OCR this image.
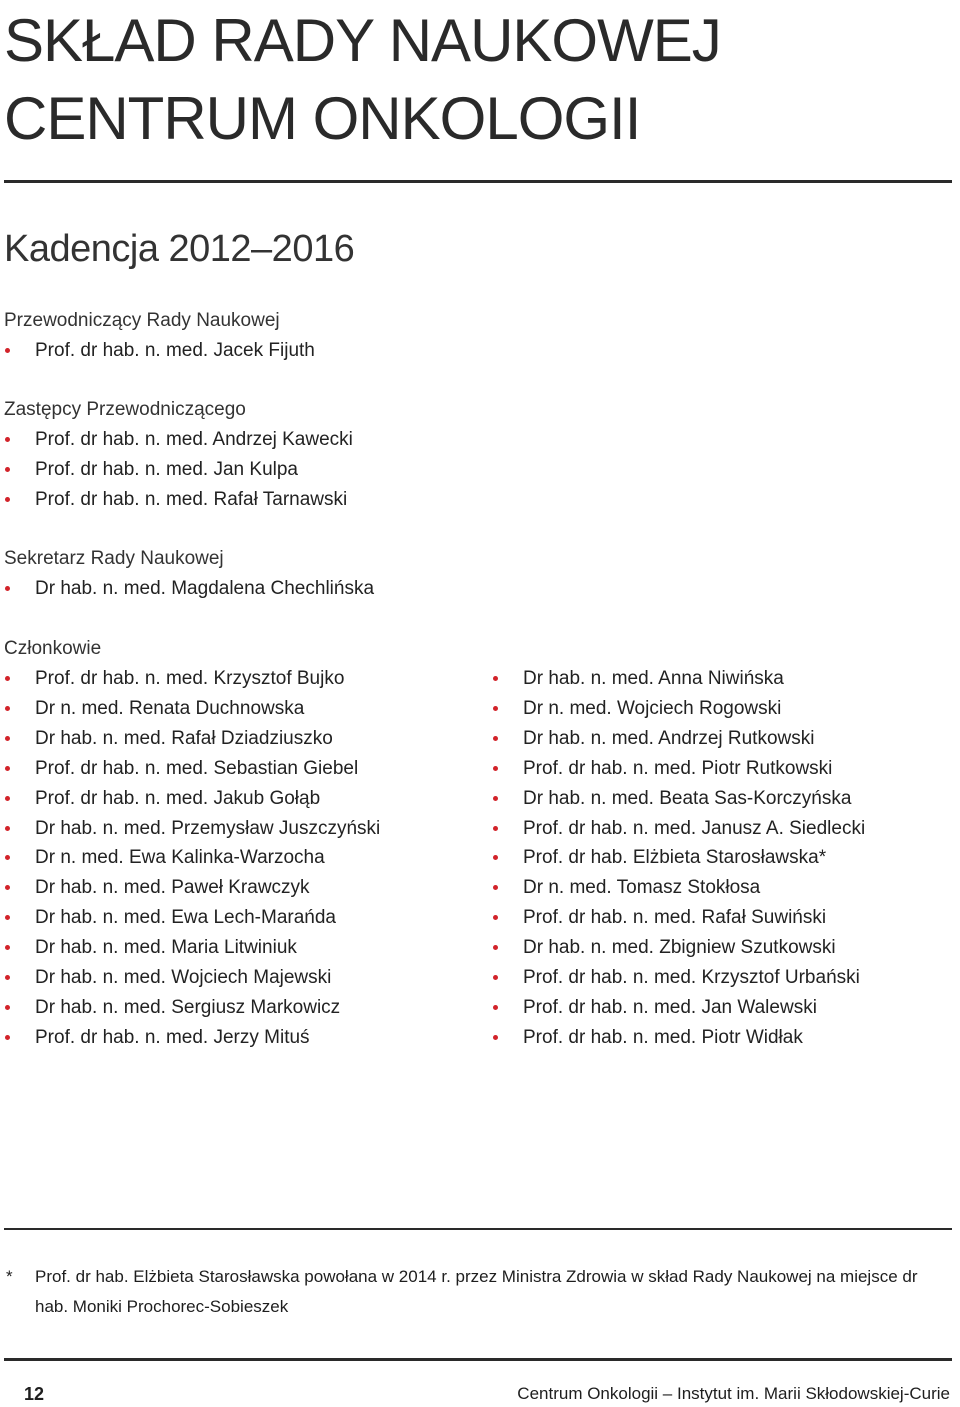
SKŁAD RADY NAUKOWEJ
CENTRUM ONKOLOGII
Kadencja 2012–2016
Przewodniczący Rady Naukowej
Prof. dr hab. n. med. Jacek Fijuth
Zastępcy Przewodniczącego
Prof. dr hab. n. med. Andrzej Kawecki
Prof. dr hab. n. med. Jan Kulpa
Prof. dr hab. n. med. Rafał Tarnawski
Sekretarz Rady Naukowej
Dr hab. n. med. Magdalena Chechlińska
Członkowie
Prof. dr hab. n. med. Krzysztof Bujko
Dr n. med. Renata Duchnowska
Dr hab. n. med. Rafał Dziadziuszko
Prof. dr hab. n. med. Sebastian Giebel
Prof. dr hab. n. med. Jakub Gołąb
Dr hab. n. med. Przemysław Juszczyński
Dr n. med. Ewa Kalinka-Warzocha
Dr hab. n. med. Paweł Krawczyk
Dr hab. n. med. Ewa Lech-Marańda
Dr hab. n. med. Maria Litwiniuk
Dr hab. n. med. Wojciech Majewski
Dr hab. n. med. Sergiusz Markowicz
Prof. dr hab. n. med. Jerzy Mituś
Dr hab. n. med. Anna Niwińska
Dr n. med. Wojciech Rogowski
Dr hab. n. med. Andrzej Rutkowski
Prof. dr hab. n. med. Piotr Rutkowski
Dr hab. n. med. Beata Sas-Korczyńska
Prof. dr hab. n. med. Janusz A. Siedlecki
Prof. dr hab. Elżbieta Starosławska*
Dr n. med. Tomasz Stokłosa
Prof. dr hab. n. med. Rafał Suwiński
Dr hab. n. med. Zbigniew Szutkowski
Prof. dr hab. n. med. Krzysztof Urbański
Prof. dr hab. n. med. Jan Walewski
Prof. dr hab. n. med. Piotr Widłak
*	Prof. dr hab. Elżbieta Starosławska powołana w 2014 r. przez Ministra Zdrowia w skład Rady Naukowej na miejsce dr hab. Moniki Prochorec-Sobieszek
12	Centrum Onkologii – Instytut im. Marii Skłodowskiej-Curie
